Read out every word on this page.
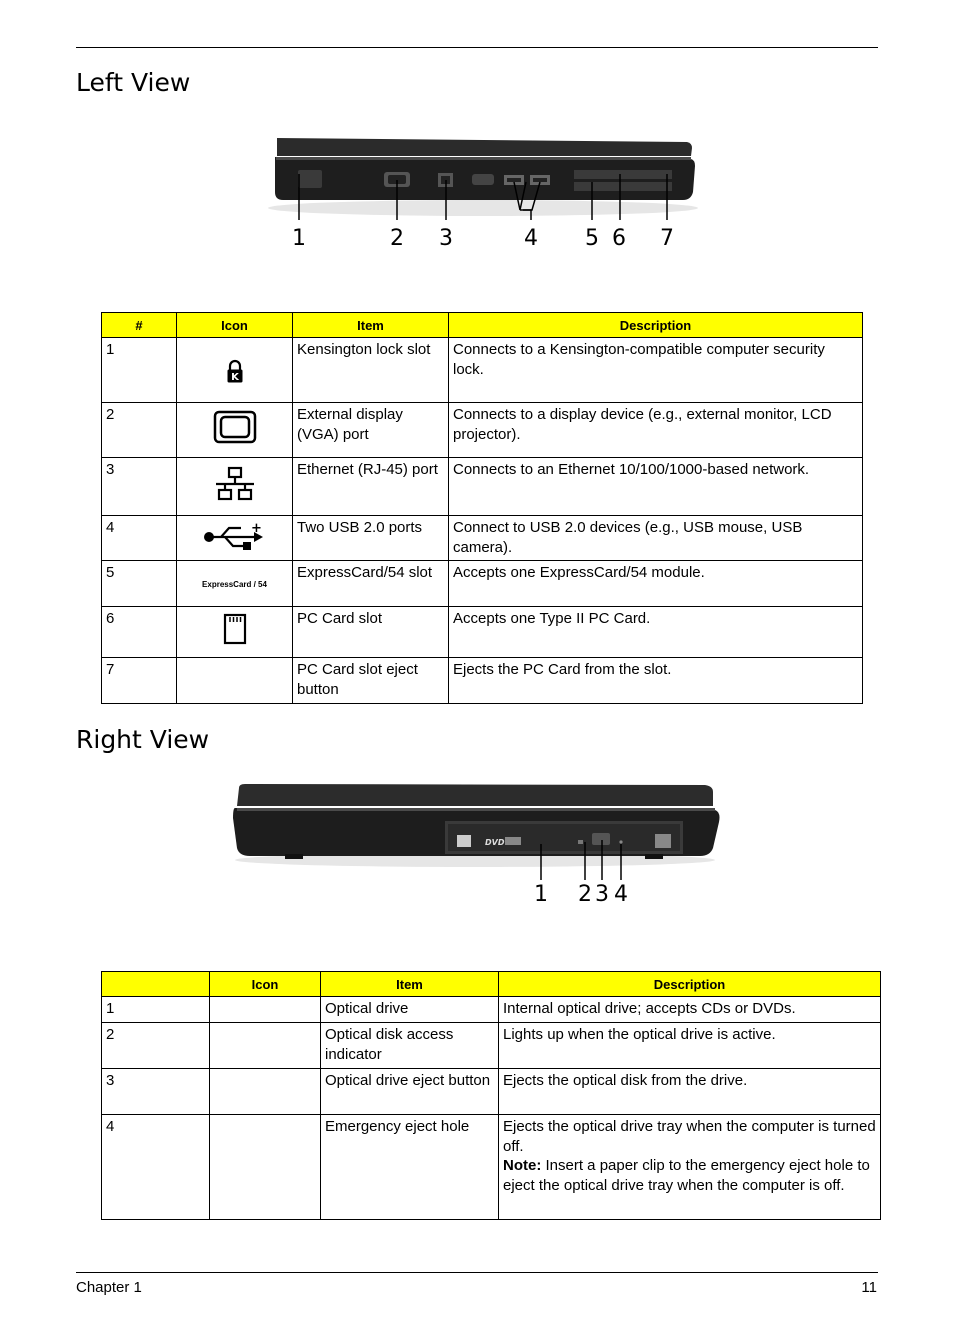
Left View
1	2 3	4 5 6 7
#	Icon	Item	Description
1	K	Kensington lock slot	Connects to a Kensington-compatible computer security lock.
2		External display (VGA) port	Connects to a display device (e.g., external monitor, LCD projector).
3		Ethernet (RJ-45) port	Connects to an Ethernet 10/100/1000-based network.
4	+	Two USB 2.0 ports	Connect to USB 2.0 devices (e.g., USB mouse, USB camera).
5	ExpressCard / 54	ExpressCard/54 slot	Accepts one ExpressCard/54 module.
6		PC Card slot	Accepts one Type II PC Card.
7		PC Card slot eject button	Ejects the PC Card from the slot.
Right View
DVD
1 2 3 4
	Icon	Item	Description
1		Optical drive	Internal optical drive; accepts CDs or DVDs.
2		Optical disk access indicator	Lights up when the optical drive is active.
3		Optical drive eject button	Ejects the optical disk from the drive.
4		Emergency eject hole	Ejects the optical drive tray when the computer is turned off.
Note: Insert a paper clip to the emergency eject hole to eject the optical drive tray when the computer is off.
Chapter 1	11
